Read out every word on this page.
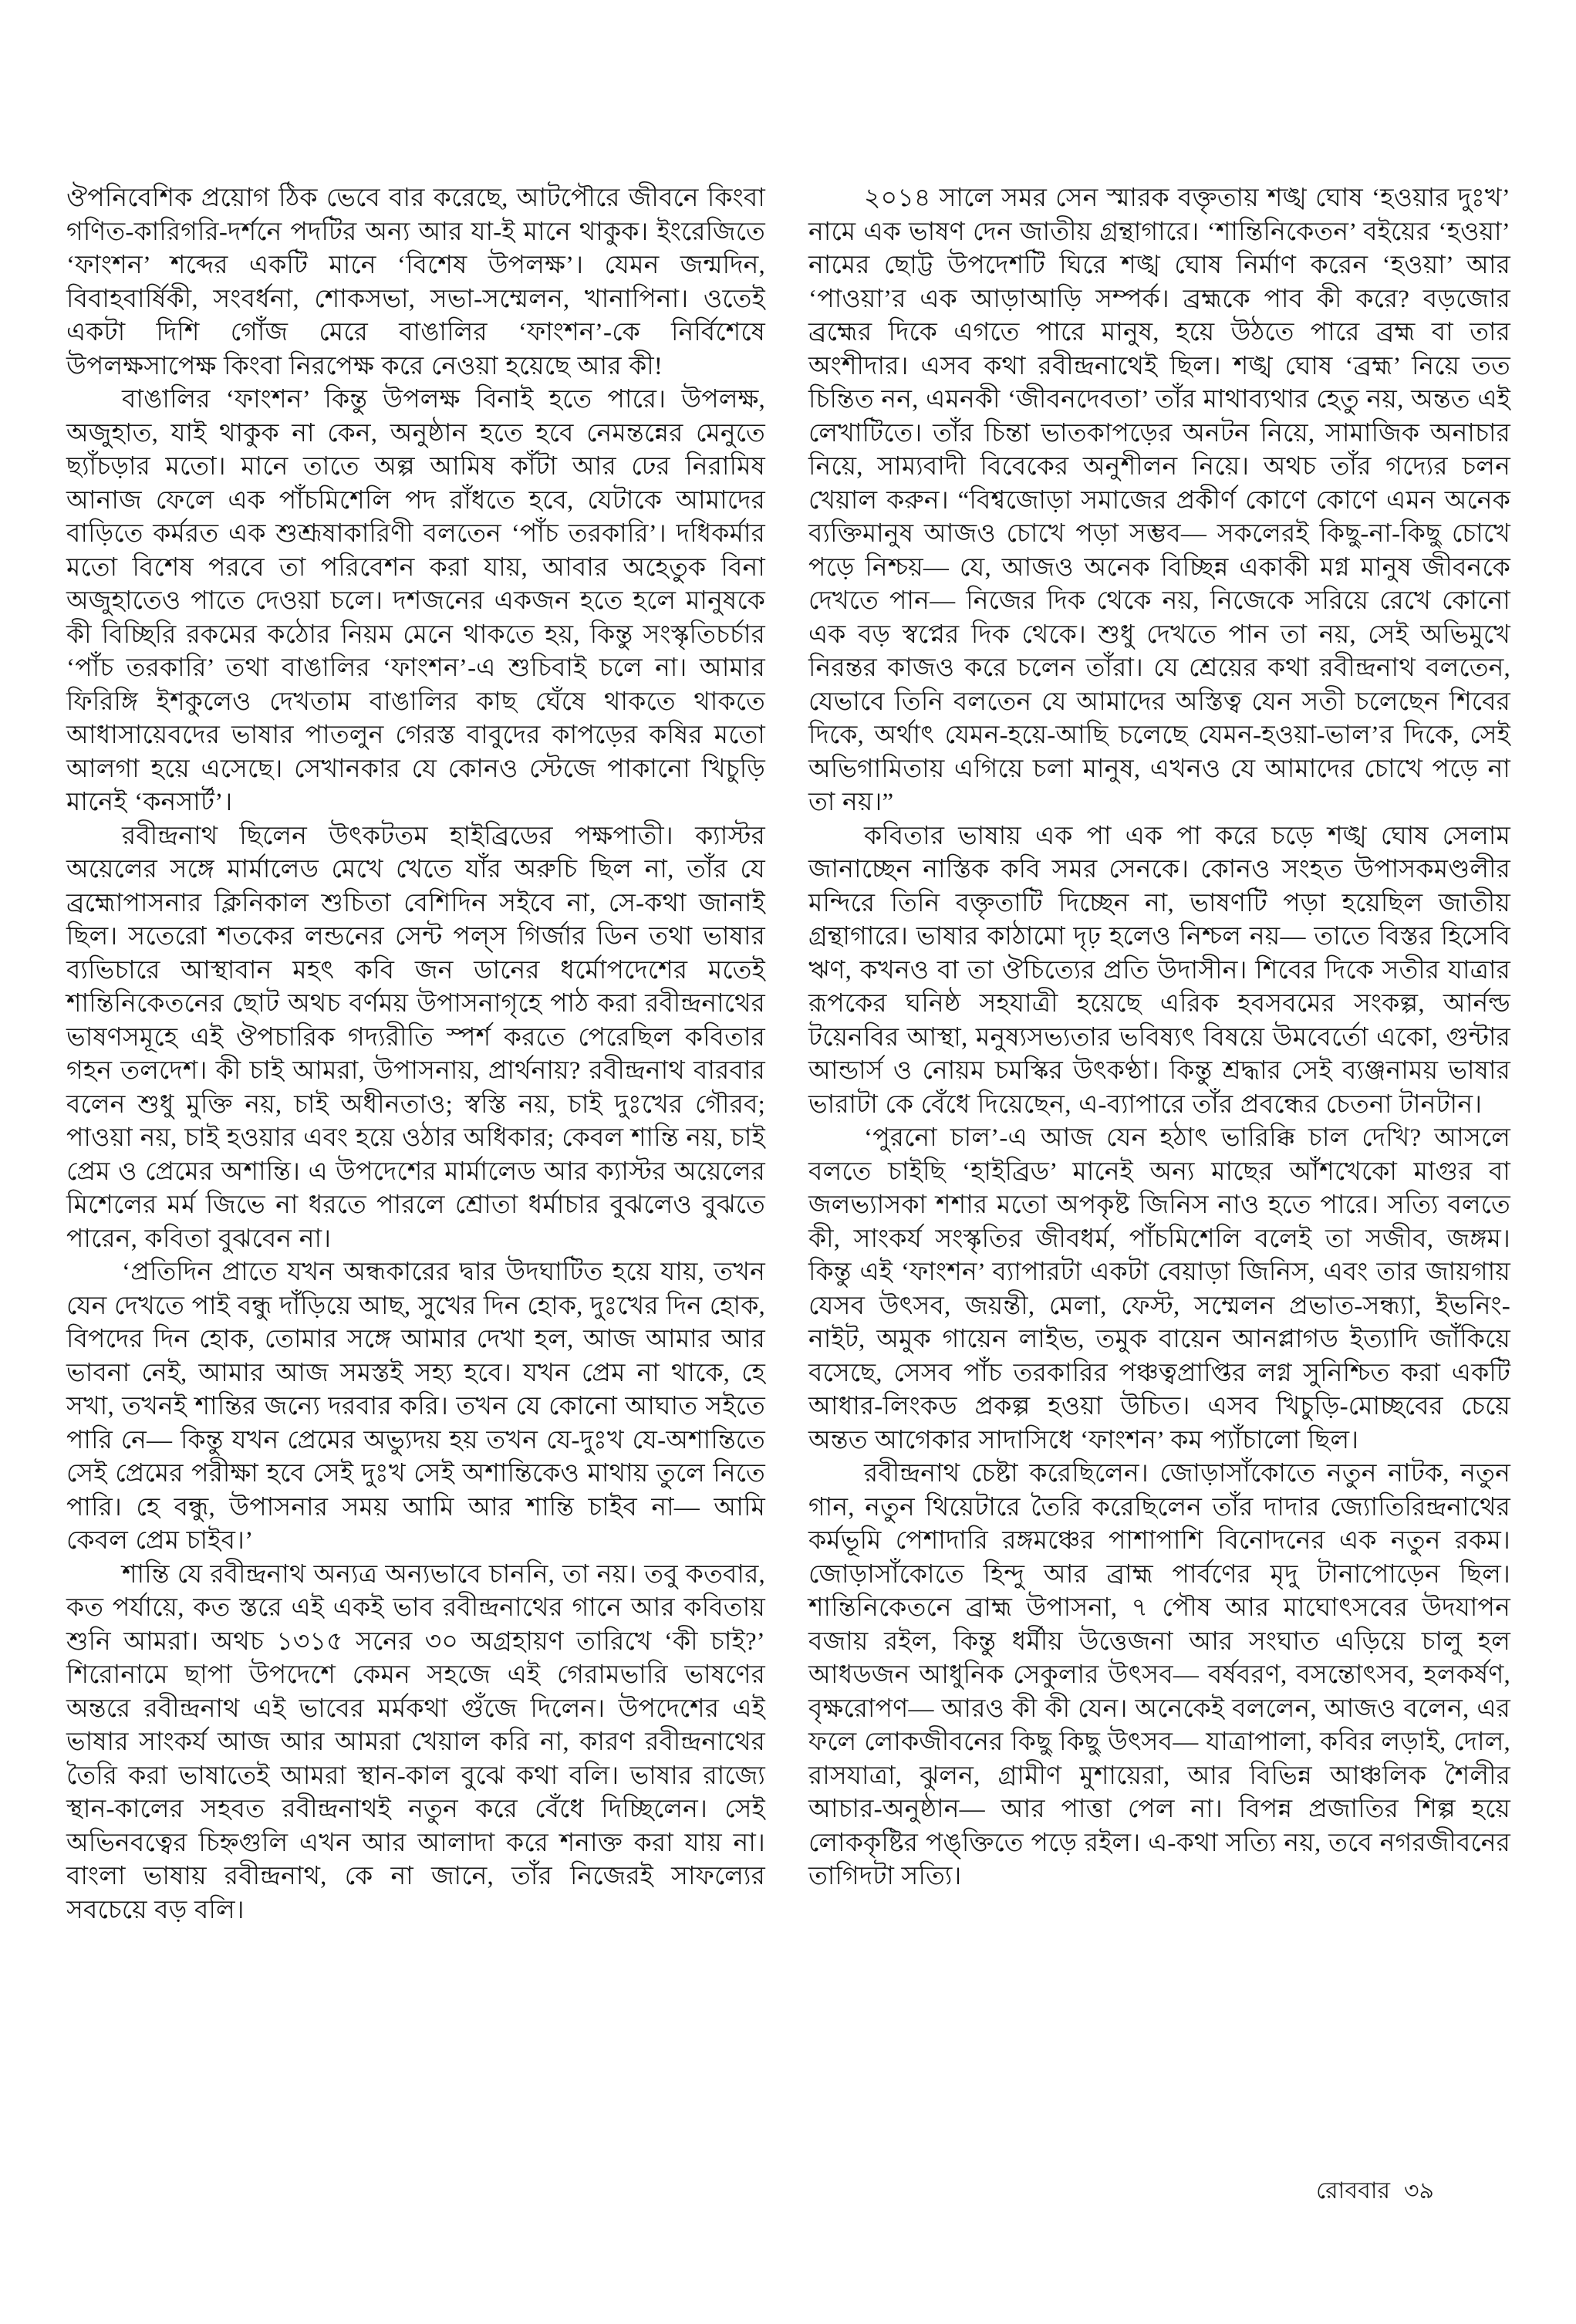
ঔপনিবেশিক প্রয়োগ ঠিক ভেবে বার করেছে, আটপৌরে জীবনে কিংবা গণিত-কারিগরি-দর্শনে পদটির অন্য আর যা-ই মানে থাকুক। ইংরেজিতে ‘ফাংশন’ শব্দের একটি মানে ‘বিশেষ উপলক্ষ’। যেমন জন্মদিন, বিবাহবার্ষিকী, সংবর্ধনা, শোকসভা, সভা-সম্মেলন, খানাপিনা। ওতেই একটা দিশি গোঁজ মেরে বাঙালির ‘ফাংশন’-কে নির্বিশেষে উপলক্ষসাপেক্ষ কিংবা নিরপেক্ষ করে নেওয়া হয়েছে আর কী!

বাঙালির ‘ফাংশন’ কিন্তু উপলক্ষ বিনাই হতে পারে। উপলক্ষ, অজুহাত, যাই থাকুক না কেন, অনুষ্ঠান হতে হবে নেমন্তন্নের মেনুতে ছ্যাঁচড়ার মতো। মানে তাতে অল্প আমিষ কাঁটা আর ঢের নিরামিষ আনাজ ফেলে এক পাঁচমিশেলি পদ রাঁধতে হবে, যেটাকে আমাদের বাড়িতে কর্মরত এক শুশ্রূষাকারিণী বলতেন ‘পাঁচ তরকারি’। দধিকর্মার মতো বিশেষ পরবে তা পরিবেশন করা যায়, আবার অহেতুক বিনা অজুহাতেও পাতে দেওয়া চলে। দশজনের একজন হতে হলে মানুষকে কী বিচ্ছিরি রকমের কঠোর নিয়ম মেনে থাকতে হয়, কিন্তু সংস্কৃতিচর্চার ‘পাঁচ তরকারি’ তথা বাঙালির ‘ফাংশন’-এ শুচিবাই চলে না। আমার ফিরিঙ্গি ইশকুলেও দেখতাম বাঙালির কাছ ঘেঁষে থাকতে থাকতে আধাসায়েবদের ভাষার পাতলুন গেরস্ত বাবুদের কাপড়ের কষির মতো আলগা হয়ে এসেছে। সেখানকার যে কোনও স্টেজে পাকানো খিচুড়ি মানেই ‘কনসার্ট’।

রবীন্দ্রনাথ ছিলেন উৎকটতম হাইব্রিডের পক্ষপাতী। ক্যাস্টর অয়েলের সঙ্গে মার্মালেড মেখে খেতে যাঁর অরুচি ছিল না, তাঁর যে ব্রহ্মোপাসনার ক্লিনিকাল শুচিতা বেশিদিন সইবে না, সে-কথা জানাই ছিল। সতেরো শতকের লন্ডনের সেন্ট পল্‌স গির্জার ডিন তথা ভাষার ব্যভিচারে আস্থাবান মহৎ কবি জন ডানের ধর্মোপদেশের মতেই শান্তিনিকেতনের ছোট অথচ বর্ণময় উপাসনাগৃহে পাঠ করা রবীন্দ্রনাথের ভাষণসমূহে এই ঔপচারিক গদ্যরীতি স্পর্শ করতে পেরেছিল কবিতার গহন তলদেশ। কী চাই আমরা, উপাসনায়, প্রার্থনায়? রবীন্দ্রনাথ বারবার বলেন শুধু মুক্তি নয়, চাই অধীনতাও; স্বস্তি নয়, চাই দুঃখের গৌরব; পাওয়া নয়, চাই হওয়ার এবং হয়ে ওঠার অধিকার; কেবল শান্তি নয়, চাই প্রেম ও প্রেমের অশান্তি। এ উপদেশের মার্মালেড আর ক্যাস্টর অয়েলের মিশেলের মর্ম জিভে না ধরতে পারলে শ্রোতা ধর্মাচার বুঝলেও বুঝতে পারেন, কবিতা বুঝবেন না।

‘প্রতিদিন প্রাতে যখন অন্ধকারের দ্বার উদঘাটিত হয়ে যায়, তখন যেন দেখতে পাই বন্ধু দাঁড়িয়ে আছ, সুখের দিন হোক, দুঃখের দিন হোক, বিপদের দিন হোক, তোমার সঙ্গে আমার দেখা হল, আজ আমার আর ভাবনা নেই, আমার আজ সমস্তই সহ্য হবে। যখন প্রেম না থাকে, হে সখা, তখনই শান্তির জন্যে দরবার করি। তখন যে কোনো আঘাত সইতে পারি নে— কিন্তু যখন প্রেমের অভ্যুদয় হয় তখন যে-দুঃখ যে-অশান্তিতে সেই প্রেমের পরীক্ষা হবে সেই দুঃখ সেই অশান্তিকেও মাথায় তুলে নিতে পারি। হে বন্ধু, উপাসনার সময় আমি আর শান্তি চাইব না— আমি কেবল প্রেম চাইব।’

শান্তি যে রবীন্দ্রনাথ অন্যত্র অন্যভাবে চাননি, তা নয়। তবু কতবার, কত পর্যায়ে, কত স্তরে এই একই ভাব রবীন্দ্রনাথের গানে আর কবিতায় শুনি আমরা। অথচ ১৩১৫ সনের ৩০ অগ্রহায়ণ তারিখে ‘কী চাই?’ শিরোনামে ছাপা উপদেশে কেমন সহজে এই গেরামভারি ভাষণের অন্তরে রবীন্দ্রনাথ এই ভাবের মর্মকথা গুঁজে দিলেন। উপদেশের এই ভাষার সাংকর্য আজ আর আমরা খেয়াল করি না, কারণ রবীন্দ্রনাথের তৈরি করা ভাষাতেই আমরা স্থান-কাল বুঝে কথা বলি। ভাষার রাজ্যে স্থান-কালের সহবত রবীন্দ্রনাথই নতুন করে বেঁধে দিচ্ছিলেন। সেই অভিনবত্বের চিহ্নগুলি এখন আর আলাদা করে শনাক্ত করা যায় না। বাংলা ভাষায় রবীন্দ্রনাথ, কে না জানে, তাঁর নিজেরই সাফল্যের সবচেয়ে বড় বলি।

২০১৪ সালে সমর সেন স্মারক বক্তৃতায় শঙ্খ ঘোষ ‘হওয়ার দুঃখ’ নামে এক ভাষণ দেন জাতীয় গ্রন্থাগারে। ‘শান্তিনিকেতন’ বইয়ের ‘হওয়া’ নামের ছোট্ট উপদেশটি ঘিরে শঙ্খ ঘোষ নির্মাণ করেন ‘হওয়া’ আর ‘পাওয়া’র এক আড়াআড়ি সম্পর্ক। ব্রহ্মকে পাব কী করে? বড়জোর ব্রহ্মের দিকে এগতে পারে মানুষ, হয়ে উঠতে পারে ব্রহ্ম বা তার অংশীদার। এসব কথা রবীন্দ্রনাথেই ছিল। শঙ্খ ঘোষ ‘ব্রহ্ম’ নিয়ে তত চিন্তিত নন, এমনকী ‘জীবনদেবতা’ তাঁর মাথাব্যথার হেতু নয়, অন্তত এই লেখাটিতে। তাঁর চিন্তা ভাতকাপড়ের অনটন নিয়ে, সামাজিক অনাচার নিয়ে, সাম্যবাদী বিবেকের অনুশীলন নিয়ে। অথচ তাঁর গদ্যের চলন খেয়াল করুন। “বিশ্বজোড়া সমাজের প্রকীর্ণ কোণে কোণে এমন অনেক ব্যক্তিমানুষ আজও চোখে পড়া সম্ভব— সকলেরই কিছু-না-কিছু চোখে পড়ে নিশ্চয়— যে, আজও অনেক বিচ্ছিন্ন একাকী মগ্ন মানুষ জীবনকে দেখতে পান— নিজের দিক থেকে নয়, নিজেকে সরিয়ে রেখে কোনো এক বড় স্বপ্নের দিক থেকে। শুধু দেখতে পান তা নয়, সেই অভিমুখে নিরন্তর কাজও করে চলেন তাঁরা। যে শ্রেয়ের কথা রবীন্দ্রনাথ বলতেন, যেভাবে তিনি বলতেন যে আমাদের অস্তিত্ব যেন সতী চলেছেন শিবের দিকে, অর্থাৎ যেমন-হয়ে-আছি চলেছে যেমন-হওয়া-ভাল’র দিকে, সেই অভিগামিতায় এগিয়ে চলা মানুষ, এখনও যে আমাদের চোখে পড়ে না তা নয়।”

কবিতার ভাষায় এক পা এক পা করে চড়ে শঙ্খ ঘোষ সেলাম জানাচ্ছেন নাস্তিক কবি সমর সেনকে। কোনও সংহত উপাসকমণ্ডলীর মন্দিরে তিনি বক্তৃতাটি দিচ্ছেন না, ভাষণটি পড়া হয়েছিল জাতীয় গ্রন্থাগারে। ভাষার কাঠামো দৃঢ় হলেও নিশ্চল নয়— তাতে বিস্তর হিসেবি ঋণ, কখনও বা তা ঔচিত্যের প্রতি উদাসীন। শিবের দিকে সতীর যাত্রার রূপকের ঘনিষ্ঠ সহযাত্রী হয়েছে এরিক হবসবমের সংকল্প, আর্নল্ড টয়েনবির আস্থা, মনুষ্যসভ্যতার ভবিষ্যৎ বিষয়ে উমবের্তো একো, গুন্টার আন্ডার্স ও নোয়ম চমস্কির উৎকণ্ঠা। কিন্তু শ্রদ্ধার সেই ব্যঞ্জনাময় ভাষার ভারাটা কে বেঁধে দিয়েছেন, এ-ব্যাপারে তাঁর প্রবন্ধের চেতনা টানটান।

‘পুরনো চাল’-এ আজ যেন হঠাৎ ভারিক্কি চাল দেখি? আসলে বলতে চাইছি ‘হাইব্রিড’ মানেই অন্য মাছের আঁশখেকো মাগুর বা জলভ্যাসকা শশার মতো অপকৃষ্ট জিনিস নাও হতে পারে। সত্যি বলতে কী, সাংকর্য সংস্কৃতির জীবধর্ম, পাঁচমিশেলি বলেই তা সজীব, জঙ্গম। কিন্তু এই ‘ফাংশন’ ব্যাপারটা একটা বেয়াড়া জিনিস, এবং তার জায়গায় যেসব উৎসব, জয়ন্তী, মেলা, ফেস্ট, সম্মেলন প্রভাত-সন্ধ্যা, ইভনিং-নাইট, অমুক গায়েন লাইভ, তমুক বায়েন আনপ্লাগড ইত্যাদি জাঁকিয়ে বসেছে, সেসব পাঁচ তরকারির পঞ্চত্বপ্রাপ্তির লগ্ন সুনিশ্চিত করা একটি আধার-লিংকড প্রকল্প হওয়া উচিত। এসব খিচুড়ি-মোচ্ছবের চেয়ে অন্তত আগেকার সাদাসিধে ‘ফাংশন’ কম প্যাঁচালো ছিল।

রবীন্দ্রনাথ চেষ্টা করেছিলেন। জোড়াসাঁকোতে নতুন নাটক, নতুন গান, নতুন থিয়েটারে তৈরি করেছিলেন তাঁর দাদার জ্যোতিরিন্দ্রনাথের কর্মভূমি পেশাদারি রঙ্গমঞ্চের পাশাপাশি বিনোদনের এক নতুন রকম। জোড়াসাঁকোতে হিন্দু আর ব্রাহ্ম পার্বণের মৃদু টানাপোড়েন ছিল। শান্তিনিকেতনে ব্রাহ্ম উপাসনা, ৭ পৌষ আর মাঘোৎসবের উদযাপন বজায় রইল, কিন্তু ধর্মীয় উত্তেজনা আর সংঘাত এড়িয়ে চালু হল আধডজন আধুনিক সেকুলার উৎসব— বর্ষবরণ, বসন্তোৎসব, হলকর্ষণ, বৃক্ষরোপণ— আরও কী কী যেন। অনেকেই বললেন, আজও বলেন, এর ফলে লোকজীবনের কিছু কিছু উৎসব— যাত্রাপালা, কবির লড়াই, দোল, রাসযাত্রা, ঝুলন, গ্রামীণ মুশায়েরা, আর বিভিন্ন আঞ্চলিক শৈলীর আচার-অনুষ্ঠান— আর পাত্তা পেল না। বিপন্ন প্রজাতির শিল্প হয়ে লোককৃষ্টির পঙ্‌ক্তিতে পড়ে রইল। এ-কথা সত্যি নয়, তবে নগরজীবনের তাগিদটা সত্যি।

রোববার ৩৯
